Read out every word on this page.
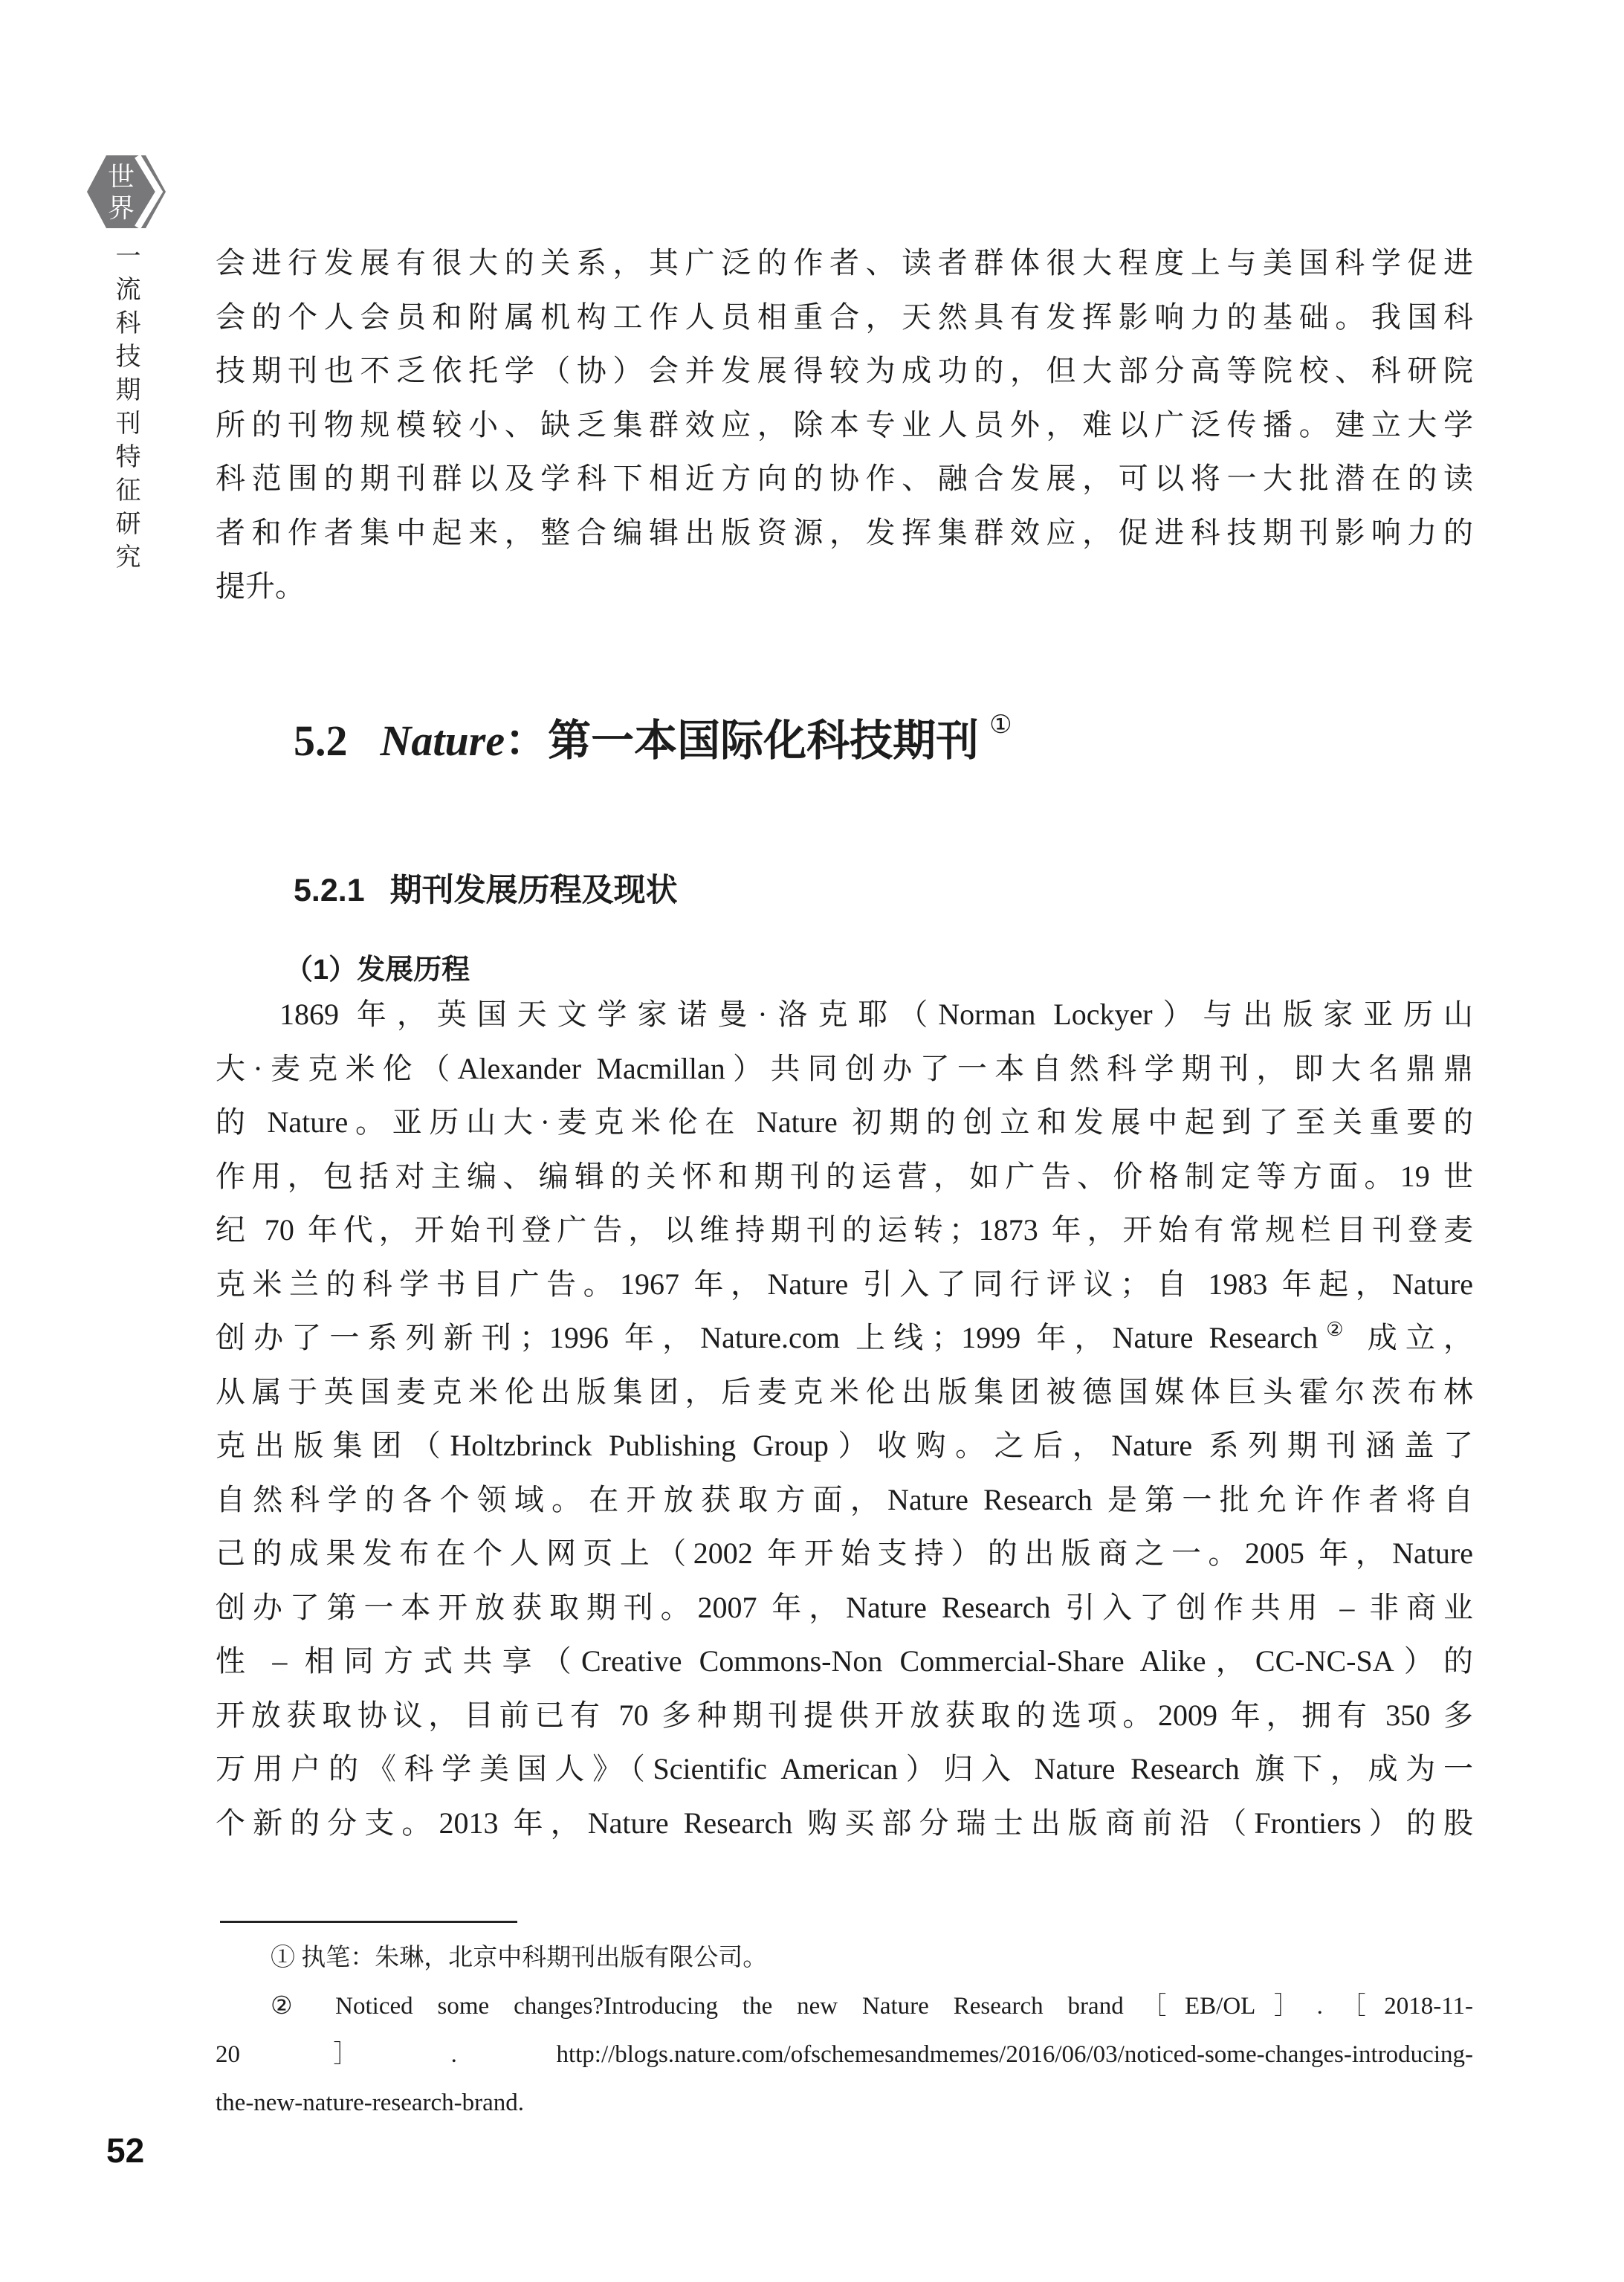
世
界
一流科技期刊特征研究	会进行发展有很大的关系，其广泛的作者、读者群体很大程度上与美国科学促进
会的个人会员和附属机构工作人员相重合，天然具有发挥影响力的基础。我国科
技期刊也不乏依托学（协）会并发展得较为成功的，但大部分高等院校、科研院
所的刊物规模较小、缺乏集群效应，除本专业人员外，难以广泛传播。建立大学
科范围的期刊群以及学科下相近方向的协作、融合发展，可以将一大批潜在的读
者和作者集中起来，整合编辑出版资源，发挥集群效应，促进科技期刊影响力的
提升。
5.2 Nature：第一本国际化科技期刊 ①
5.2.1 期刊发展历程及现状
（1）发展历程
1869 年，英国天文学家诺曼·洛克耶（Norman Lockyer）与出版家亚历山
大·麦克米伦（Alexander Macmillan）共同创办了一本自然科学期刊，即大名鼎鼎
的 Nature。亚历山大·麦克米伦在 Nature 初期的创立和发展中起到了至关重要的
作用，包括对主编、编辑的关怀和期刊的运营，如广告、价格制定等方面。19 世
纪 70 年代，开始刊登广告，以维持期刊的运转；1873 年，开始有常规栏目刊登麦
克米兰的科学书目广告。1967 年，Nature 引入了同行评议；自 1983 年起，Nature
创办了一系列新刊；1996 年，Nature.com 上线；1999 年，Nature Research② 成立，
从属于英国麦克米伦出版集团，后麦克米伦出版集团被德国媒体巨头霍尔茨布林
克出版集团（Holtzbrinck Publishing Group）收购。之后，Nature 系列期刊涵盖了
自然科学的各个领域。在开放获取方面，Nature Research 是第一批允许作者将自
己的成果发布在个人网页上（2002 年开始支持）的出版商之一。2005 年，Nature
创办了第一本开放获取期刊。2007 年，Nature Research 引入了创作共用 – 非商业
性 – 相同方式共享（Creative Commons-Non Commercial-Share Alike，CC-NC-SA）的
开放获取协议，目前已有 70 多种期刊提供开放获取的选项。2009 年，拥有 350 多
万用户的《科学美国人》（Scientific American）归入 Nature Research 旗下，成为一
个新的分支。2013 年，Nature Research 购买部分瑞士出版商前沿（Frontiers）的股
① 执笔：朱琳，北京中科期刊出版有限公司。
② Noticed some changes?Introducing the new Nature Research brand［EB/OL］.［2018-11-
20］. http://blogs.nature.com/ofschemesandmemes/2016/06/03/noticed-some-changes-introducing-
the-new-nature-research-brand.
52
